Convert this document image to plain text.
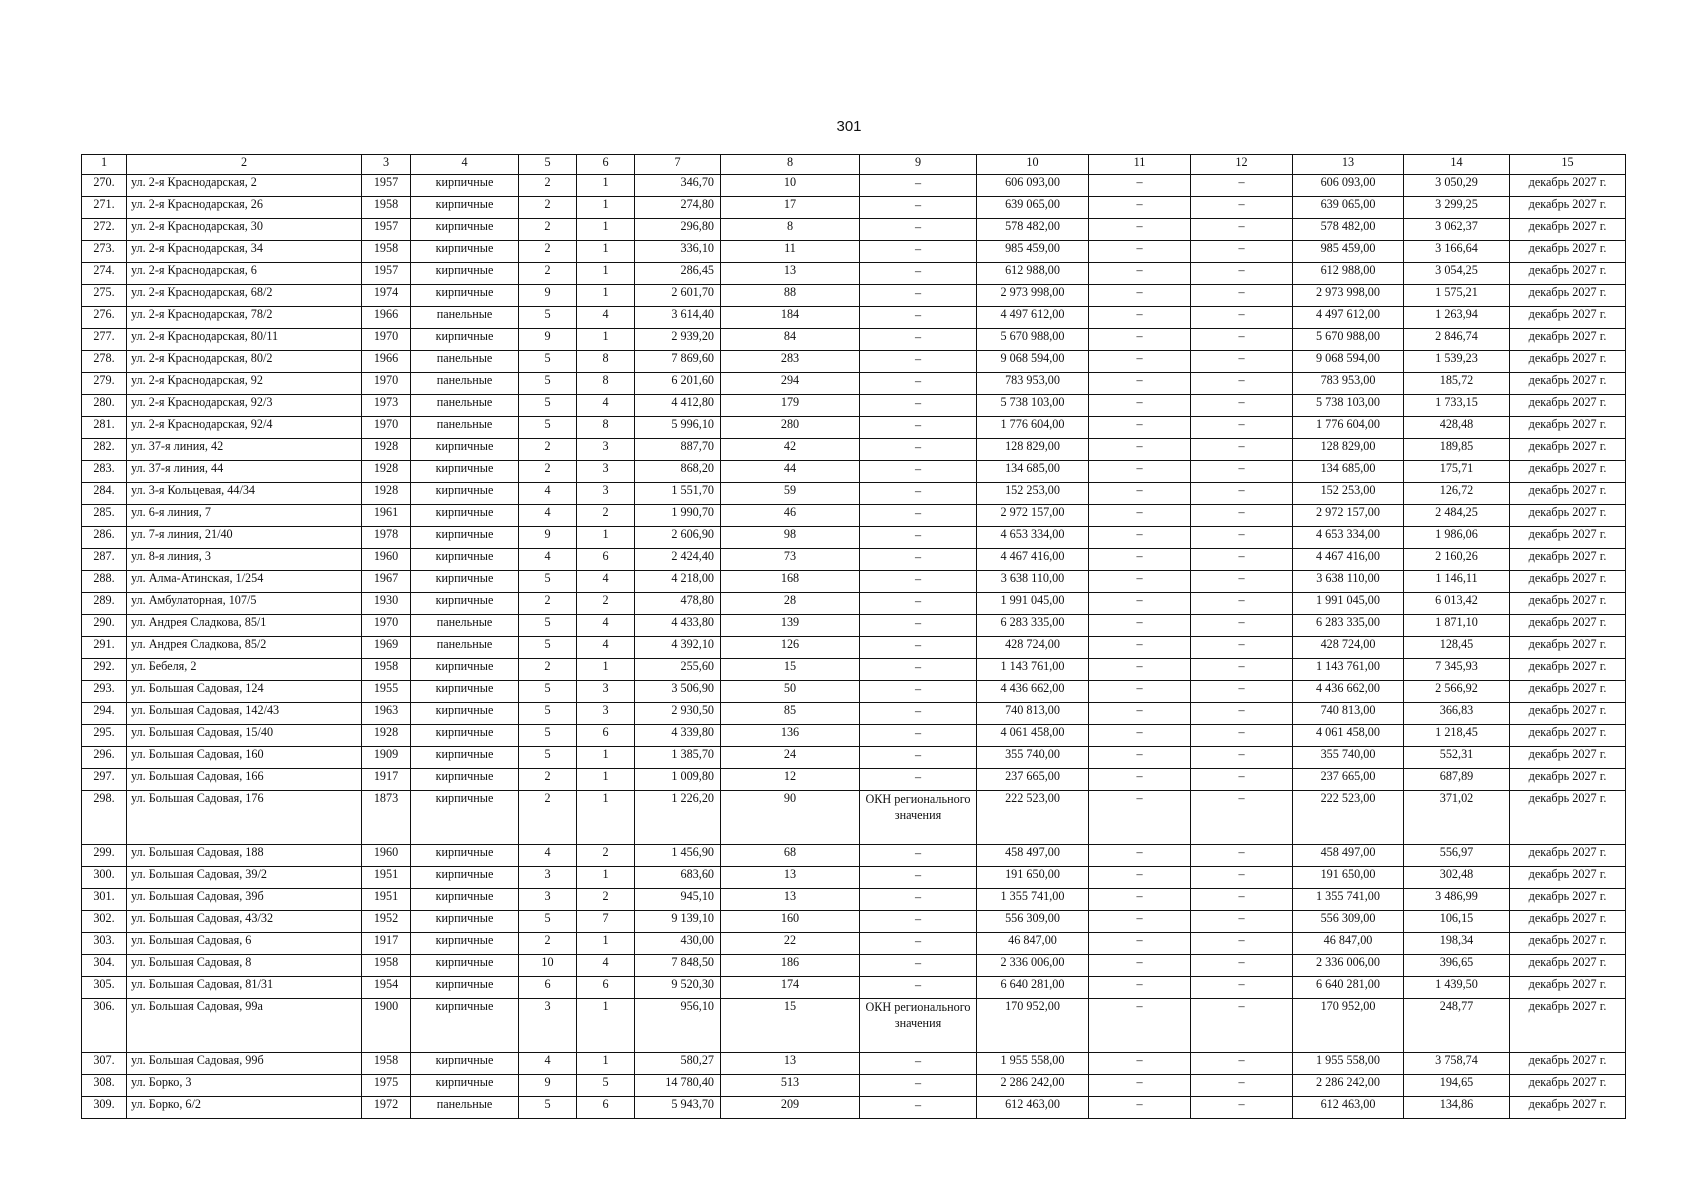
301
1	2	3	4	5	6	7	8	9	10	11	12	13	14	15
270.	ул. 2-я Краснодарская, 2	1957	кирпичные	2	1	346,70	10	–	606 093,00	–	–	606 093,00	3 050,29	декабрь 2027 г.
271.	ул. 2-я Краснодарская, 26	1958	кирпичные	2	1	274,80	17	–	639 065,00	–	–	639 065,00	3 299,25	декабрь 2027 г.
272.	ул. 2-я Краснодарская, 30	1957	кирпичные	2	1	296,80	8	–	578 482,00	–	–	578 482,00	3 062,37	декабрь 2027 г.
273.	ул. 2-я Краснодарская, 34	1958	кирпичные	2	1	336,10	11	–	985 459,00	–	–	985 459,00	3 166,64	декабрь 2027 г.
274.	ул. 2-я Краснодарская, 6	1957	кирпичные	2	1	286,45	13	–	612 988,00	–	–	612 988,00	3 054,25	декабрь 2027 г.
275.	ул. 2-я Краснодарская, 68/2	1974	кирпичные	9	1	2 601,70	88	–	2 973 998,00	–	–	2 973 998,00	1 575,21	декабрь 2027 г.
276.	ул. 2-я Краснодарская, 78/2	1966	панельные	5	4	3 614,40	184	–	4 497 612,00	–	–	4 497 612,00	1 263,94	декабрь 2027 г.
277.	ул. 2-я Краснодарская, 80/11	1970	кирпичные	9	1	2 939,20	84	–	5 670 988,00	–	–	5 670 988,00	2 846,74	декабрь 2027 г.
278.	ул. 2-я Краснодарская, 80/2	1966	панельные	5	8	7 869,60	283	–	9 068 594,00	–	–	9 068 594,00	1 539,23	декабрь 2027 г.
279.	ул. 2-я Краснодарская, 92	1970	панельные	5	8	6 201,60	294	–	783 953,00	–	–	783 953,00	185,72	декабрь 2027 г.
280.	ул. 2-я Краснодарская, 92/3	1973	панельные	5	4	4 412,80	179	–	5 738 103,00	–	–	5 738 103,00	1 733,15	декабрь 2027 г.
281.	ул. 2-я Краснодарская, 92/4	1970	панельные	5	8	5 996,10	280	–	1 776 604,00	–	–	1 776 604,00	428,48	декабрь 2027 г.
282.	ул. 37-я линия, 42	1928	кирпичные	2	3	887,70	42	–	128 829,00	–	–	128 829,00	189,85	декабрь 2027 г.
283.	ул. 37-я линия, 44	1928	кирпичные	2	3	868,20	44	–	134 685,00	–	–	134 685,00	175,71	декабрь 2027 г.
284.	ул. 3-я Кольцевая, 44/34	1928	кирпичные	4	3	1 551,70	59	–	152 253,00	–	–	152 253,00	126,72	декабрь 2027 г.
285.	ул. 6-я линия, 7	1961	кирпичные	4	2	1 990,70	46	–	2 972 157,00	–	–	2 972 157,00	2 484,25	декабрь 2027 г.
286.	ул. 7-я линия, 21/40	1978	кирпичные	9	1	2 606,90	98	–	4 653 334,00	–	–	4 653 334,00	1 986,06	декабрь 2027 г.
287.	ул. 8-я линия, 3	1960	кирпичные	4	6	2 424,40	73	–	4 467 416,00	–	–	4 467 416,00	2 160,26	декабрь 2027 г.
288.	ул. Алма-Атинская, 1/254	1967	кирпичные	5	4	4 218,00	168	–	3 638 110,00	–	–	3 638 110,00	1 146,11	декабрь 2027 г.
289.	ул. Амбулаторная, 107/5	1930	кирпичные	2	2	478,80	28	–	1 991 045,00	–	–	1 991 045,00	6 013,42	декабрь 2027 г.
290.	ул. Андрея Сладкова, 85/1	1970	панельные	5	4	4 433,80	139	–	6 283 335,00	–	–	6 283 335,00	1 871,10	декабрь 2027 г.
291.	ул. Андрея Сладкова, 85/2	1969	панельные	5	4	4 392,10	126	–	428 724,00	–	–	428 724,00	128,45	декабрь 2027 г.
292.	ул. Бебеля, 2	1958	кирпичные	2	1	255,60	15	–	1 143 761,00	–	–	1 143 761,00	7 345,93	декабрь 2027 г.
293.	ул. Большая Садовая, 124	1955	кирпичные	5	3	3 506,90	50	–	4 436 662,00	–	–	4 436 662,00	2 566,92	декабрь 2027 г.
294.	ул. Большая Садовая, 142/43	1963	кирпичные	5	3	2 930,50	85	–	740 813,00	–	–	740 813,00	366,83	декабрь 2027 г.
295.	ул. Большая Садовая, 15/40	1928	кирпичные	5	6	4 339,80	136	–	4 061 458,00	–	–	4 061 458,00	1 218,45	декабрь 2027 г.
296.	ул. Большая Садовая, 160	1909	кирпичные	5	1	1 385,70	24	–	355 740,00	–	–	355 740,00	552,31	декабрь 2027 г.
297.	ул. Большая Садовая, 166	1917	кирпичные	2	1	1 009,80	12	–	237 665,00	–	–	237 665,00	687,89	декабрь 2027 г.
298.	ул. Большая Садовая, 176	1873	кирпичные	2	1	1 226,20	90	ОКН регионального значения	222 523,00	–	–	222 523,00	371,02	декабрь 2027 г.
299.	ул. Большая Садовая, 188	1960	кирпичные	4	2	1 456,90	68	–	458 497,00	–	–	458 497,00	556,97	декабрь 2027 г.
300.	ул. Большая Садовая, 39/2	1951	кирпичные	3	1	683,60	13	–	191 650,00	–	–	191 650,00	302,48	декабрь 2027 г.
301.	ул. Большая Садовая, 39б	1951	кирпичные	3	2	945,10	13	–	1 355 741,00	–	–	1 355 741,00	3 486,99	декабрь 2027 г.
302.	ул. Большая Садовая, 43/32	1952	кирпичные	5	7	9 139,10	160	–	556 309,00	–	–	556 309,00	106,15	декабрь 2027 г.
303.	ул. Большая Садовая, 6	1917	кирпичные	2	1	430,00	22	–	46 847,00	–	–	46 847,00	198,34	декабрь 2027 г.
304.	ул. Большая Садовая, 8	1958	кирпичные	10	4	7 848,50	186	–	2 336 006,00	–	–	2 336 006,00	396,65	декабрь 2027 г.
305.	ул. Большая Садовая, 81/31	1954	кирпичные	6	6	9 520,30	174	–	6 640 281,00	–	–	6 640 281,00	1 439,50	декабрь 2027 г.
306.	ул. Большая Садовая, 99а	1900	кирпичные	3	1	956,10	15	ОКН регионального значения	170 952,00	–	–	170 952,00	248,77	декабрь 2027 г.
307.	ул. Большая Садовая, 99б	1958	кирпичные	4	1	580,27	13	–	1 955 558,00	–	–	1 955 558,00	3 758,74	декабрь 2027 г.
308.	ул. Борко, 3	1975	кирпичные	9	5	14 780,40	513	–	2 286 242,00	–	–	2 286 242,00	194,65	декабрь 2027 г.
309.	ул. Борко, 6/2	1972	панельные	5	6	5 943,70	209	–	612 463,00	–	–	612 463,00	134,86	декабрь 2027 г.
